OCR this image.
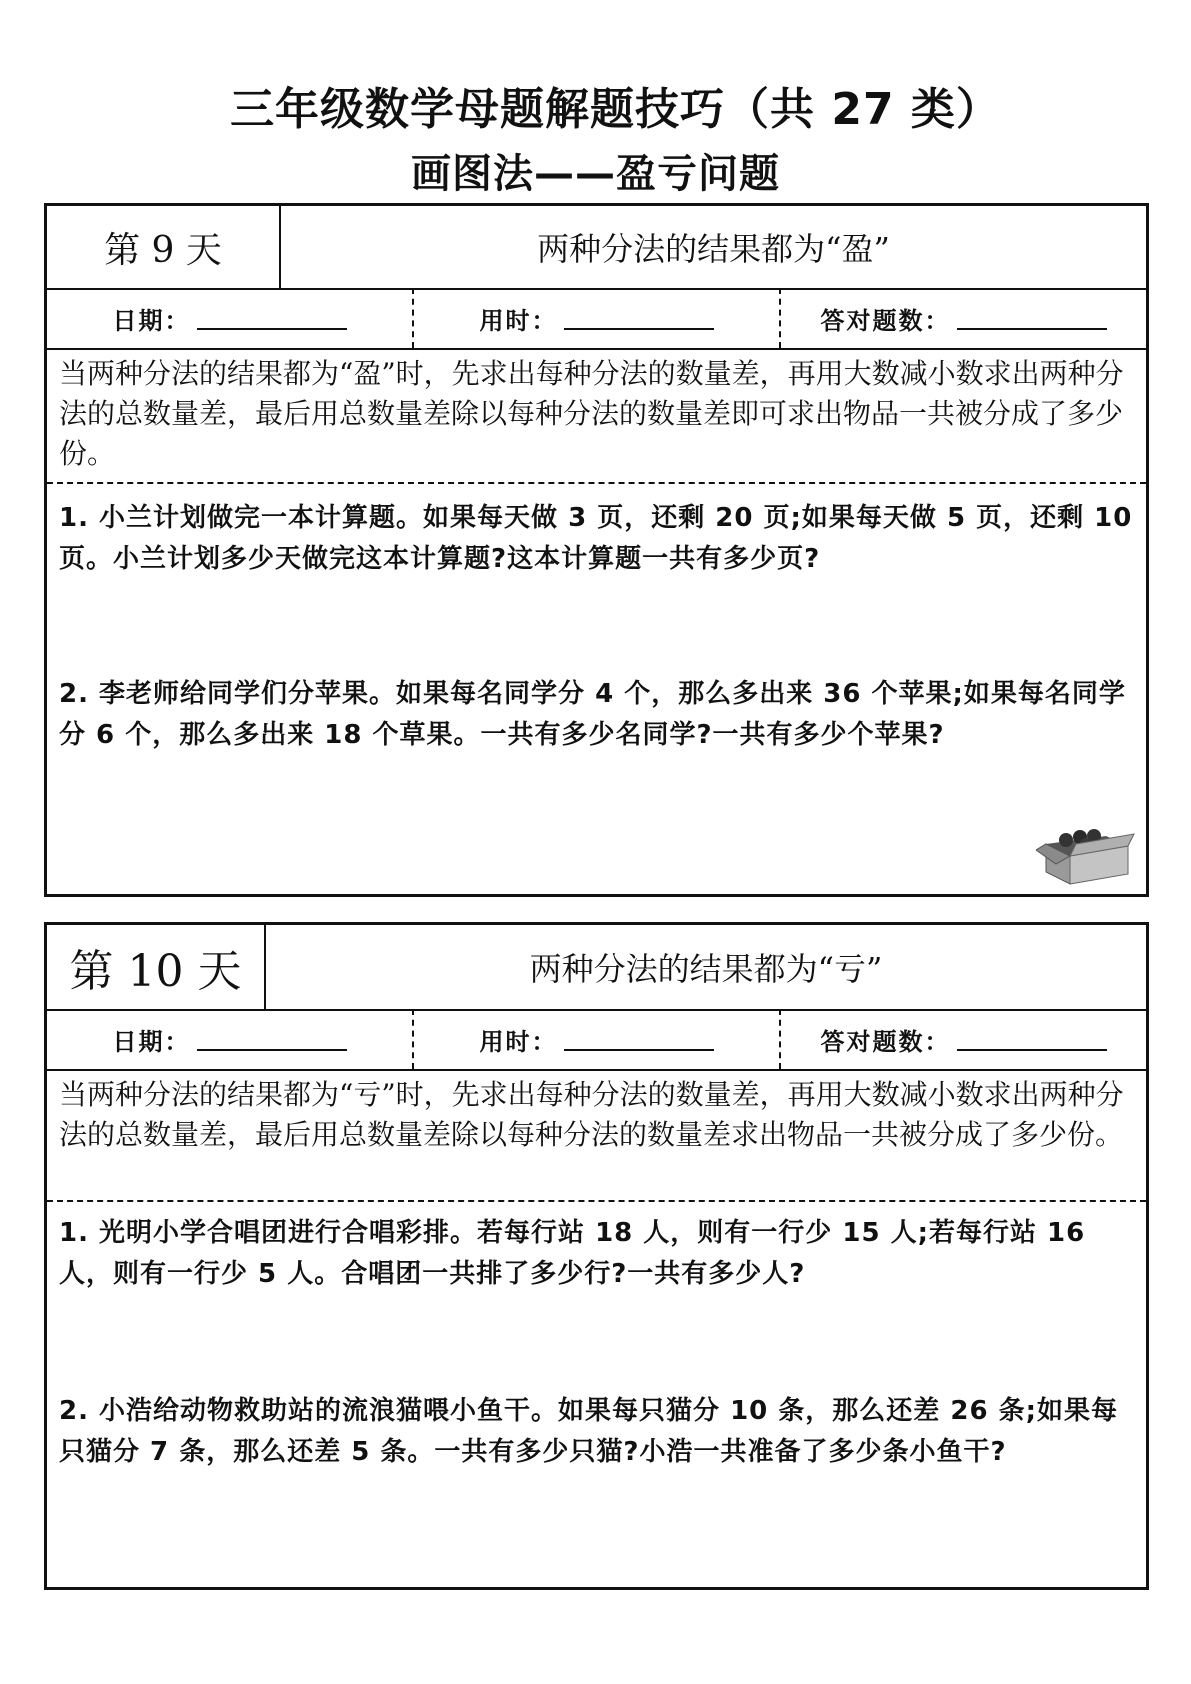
三年级数学母题解题技巧（共 27 类）
画图法——盈亏问题
第 9 天	两种分法的结果都为“盈”
日期：	用时：	答对题数：
当两种分法的结果都为“盈”时，先求出每种分法的数量差，再用大数减小数求出两种分法的总数量差，最后用总数量差除以每种分法的数量差即可求出物品一共被分成了多少份。
1. 小兰计划做完一本计算题。如果每天做 3 页，还剩 20 页;如果每天做 5 页，还剩 10 页。小兰计划多少天做完这本计算题?这本计算题一共有多少页?
2. 李老师给同学们分苹果。如果每名同学分 4 个，那么多出来 36 个苹果;如果每名同学分 6 个，那么多出来 18 个草果。一共有多少名同学?一共有多少个苹果?
第 10 天	两种分法的结果都为“亏”
日期：	用时：	答对题数：
当两种分法的结果都为“亏”时，先求出每种分法的数量差，再用大数减小数求出两种分法的总数量差，最后用总数量差除以每种分法的数量差求出物品一共被分成了多少份。
1. 光明小学合唱团进行合唱彩排。若每行站 18 人，则有一行少 15 人;若每行站 16 人，则有一行少 5 人。合唱团一共排了多少行?一共有多少人?
2. 小浩给动物救助站的流浪猫喂小鱼干。如果每只猫分 10 条，那么还差 26 条;如果每只猫分 7 条，那么还差 5 条。一共有多少只猫?小浩一共准备了多少条小鱼干?
